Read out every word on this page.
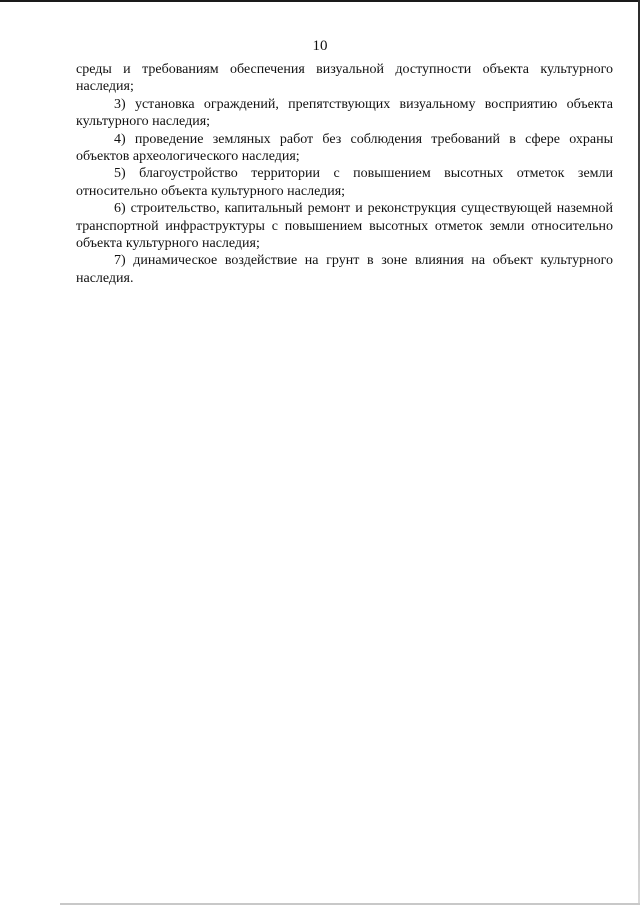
10

среды и требованиям обеспечения визуальной доступности объекта культурного наследия;

3) установка ограждений, препятствующих визуальному восприятию объекта культурного наследия;

4) проведение земляных работ без соблюдения требований в сфере охраны объектов археологического наследия;

5) благоустройство территории с повышением высотных отметок земли относительно объекта культурного наследия;

6) строительство, капитальный ремонт и реконструкция существующей наземной транспортной инфраструктуры с повышением высотных отметок земли относительно объекта культурного наследия;

7) динамическое воздействие на грунт в зоне влияния на объект культурного наследия.
